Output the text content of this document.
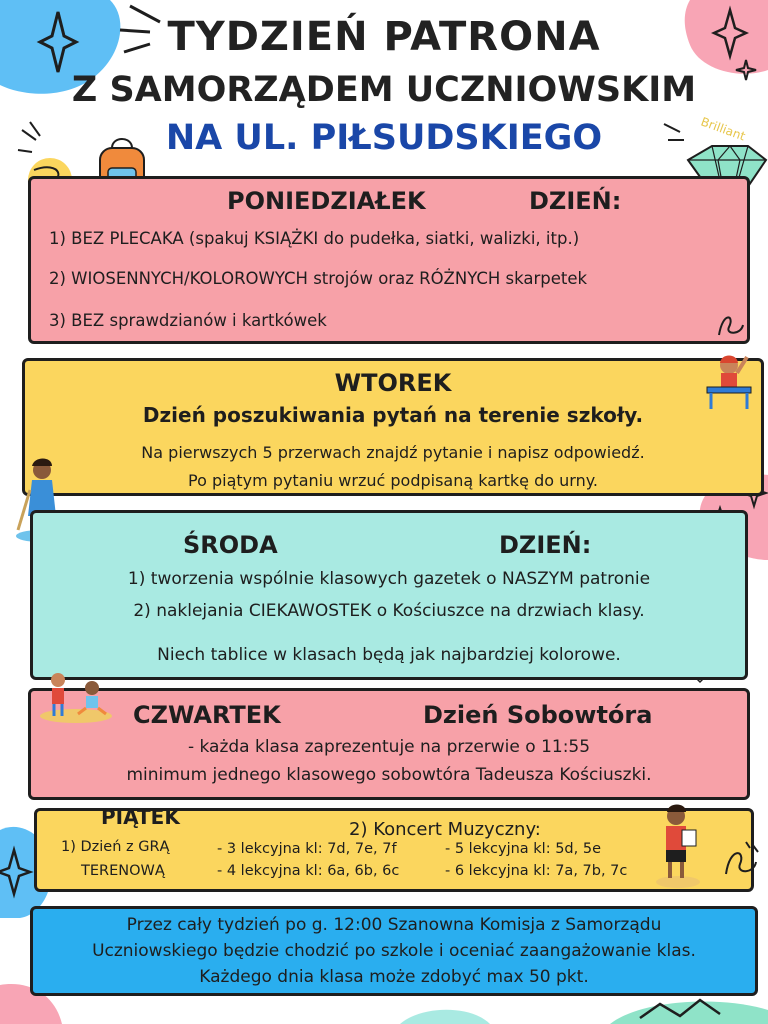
TYDZIEŃ PATRONA
Z SAMORZĄDEM UCZNIOWSKIM
NA UL. PIŁSUDSKIEGO	Brilliant
PONIEDZIAŁEK	DZIEŃ:
1) BEZ PLECAKA (spakuj KSIĄŻKI do pudełka, siatki, walizki, itp.)
2) WIOSENNYCH/KOLOROWYCH strojów oraz RÓŻNYCH skarpetek
3) BEZ sprawdzianów i kartkówek
WTOREK
Dzień poszukiwania pytań na terenie szkoły.
Na pierwszych 5 przerwach znajdź pytanie i napisz odpowiedź.
Po piątym pytaniu wrzuć podpisaną kartkę do urny.
ŚRODA	DZIEŃ:
1) tworzenia wspólnie klasowych gazetek o NASZYM patronie
2) naklejania CIEKAWOSTEK o Kościuszce na drzwiach klasy.
Niech tablice w klasach będą jak najbardziej kolorowe.
CZWARTEK	Dzień Sobowtóra
- każda klasa zaprezentuje na przerwie o 11:55
minimum jednego klasowego sobowtóra Tadeusza Kościuszki.
PIĄTEK
1) Dzień z GRĄ
TERENOWĄ
2) Koncert Muzyczny:
- 3 lekcyjna kl: 7d, 7e, 7f
- 4 lekcyjna kl: 6a, 6b, 6c
- 5 lekcyjna kl: 5d, 5e
- 6 lekcyjna kl: 7a, 7b, 7c
Przez cały tydzień po g. 12:00 Szanowna Komisja z Samorządu
Uczniowskiego będzie chodzić po szkole i oceniać zaangażowanie klas.
Każdego dnia klasa może zdobyć max 50 pkt.
